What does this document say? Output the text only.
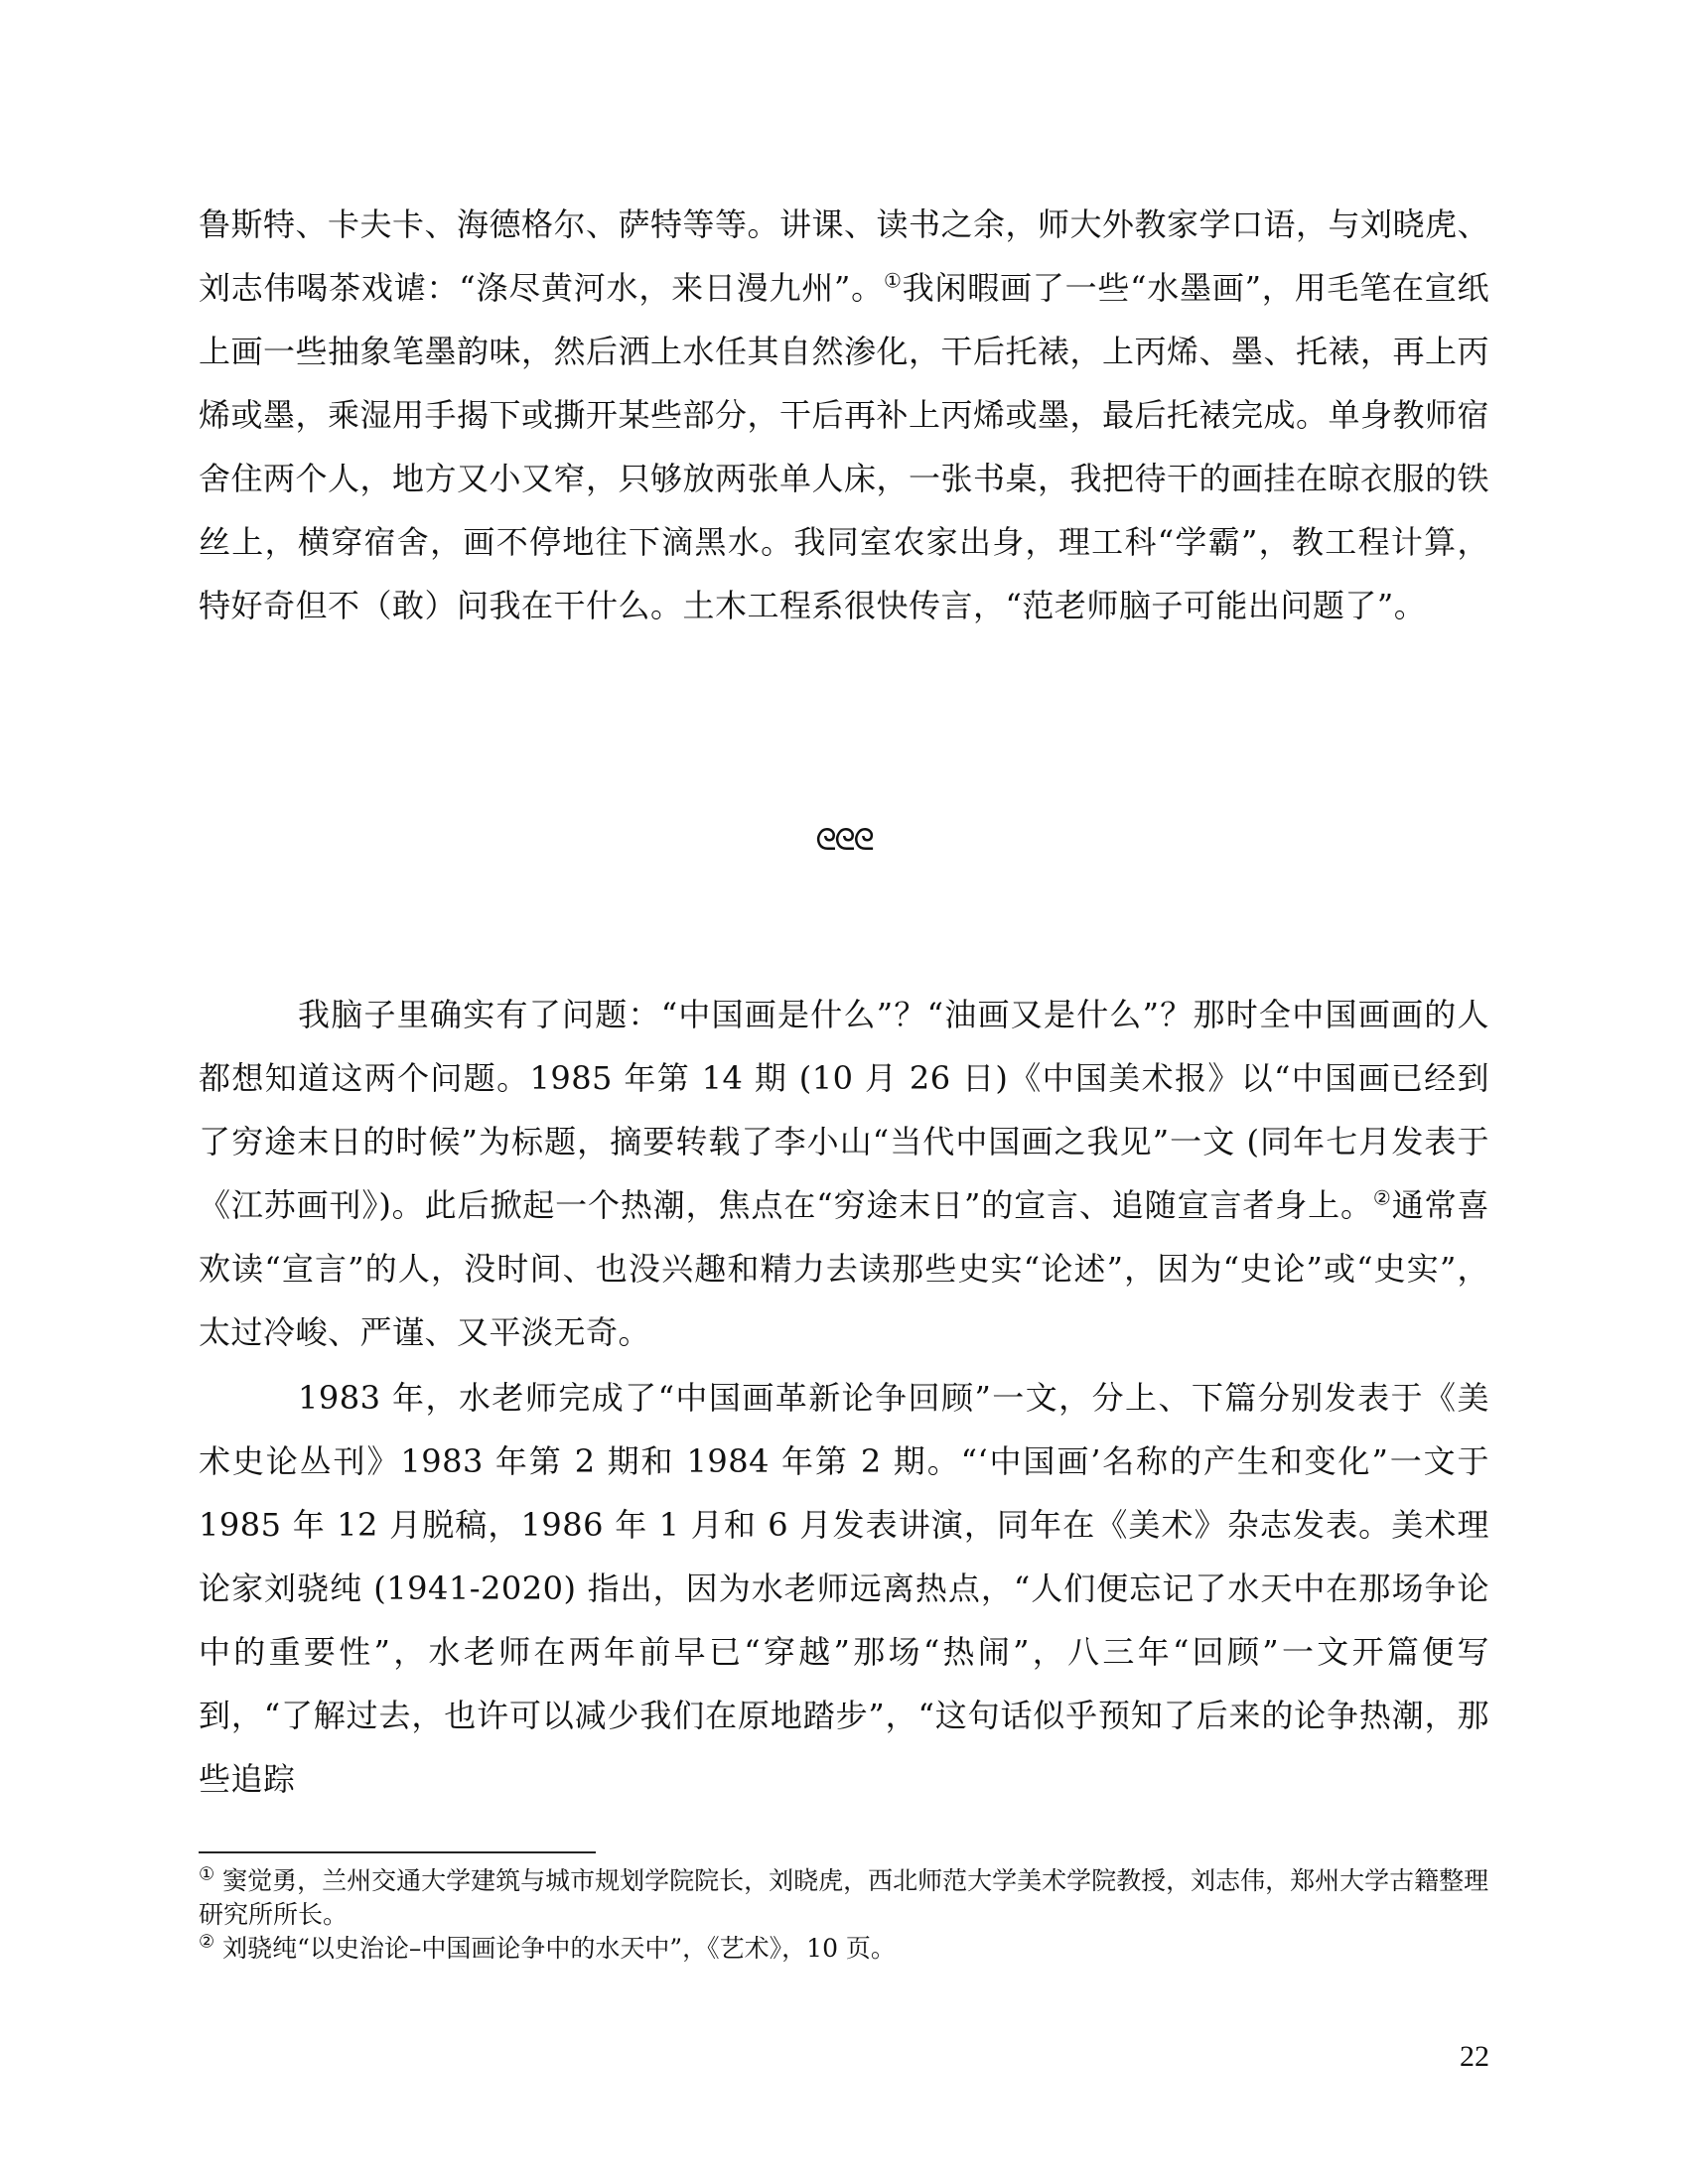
鲁斯特、卡夫卡、海德格尔、萨特等等。讲课、读书之余，师大外教家学口语，与刘晓虎、刘志伟喝茶戏谑：“涤尽黄河水，来日漫九州”。①我闲暇画了一些“水墨画”，用毛笔在宣纸上画一些抽象笔墨韵味，然后洒上水任其自然渗化，干后托裱，上丙烯、墨、托裱，再上丙烯或墨，乘湿用手揭下或撕开某些部分，干后再补上丙烯或墨，最后托裱完成。单身教师宿舍住两个人，地方又小又窄，只够放两张单人床，一张书桌，我把待干的画挂在晾衣服的铁丝上，横穿宿舍，画不停地往下滴黑水。我同室农家出身，理工科“学霸”，教工程计算，特好奇但不（敢）问我在干什么。土木工程系很快传言，“范老师脑子可能出问题了”。

ᘓᘓᘓ

我脑子里确实有了问题：“中国画是什么”？“油画又是什么”？那时全中国画画的人都想知道这两个问题。1985 年第 14 期 (10 月 26 日)《中国美术报》以“中国画已经到了穷途末日的时候”为标题，摘要转载了李小山“当代中国画之我见”一文 (同年七月发表于《江苏画刊》)。此后掀起一个热潮，焦点在“穷途末日”的宣言、追随宣言者身上。②通常喜欢读“宣言”的人，没时间、也没兴趣和精力去读那些史实“论述”，因为“史论”或“史实”，太过冷峻、严谨、又平淡无奇。

1983 年，水老师完成了“中国画革新论争回顾”一文，分上、下篇分别发表于《美术史论丛刊》1983 年第 2 期和 1984 年第 2 期。“‘中国画’名称的产生和变化”一文于 1985 年 12 月脱稿，1986 年 1 月和 6 月发表讲演，同年在《美术》杂志发表。美术理论家刘骁纯 (1941-2020) 指出，因为水老师远离热点，“人们便忘记了水天中在那场争论中的重要性”，水老师在两年前早已“穿越”那场“热闹”，八三年“回顾”一文开篇便写到，“了解过去，也许可以减少我们在原地踏步”，“这句话似乎预知了后来的论争热潮，那些追踪

① 窦觉勇，兰州交通大学建筑与城市规划学院院长，刘晓虎，西北师范大学美术学院教授，刘志伟，郑州大学古籍整理研究所所长。

② 刘骁纯“以史治论–中国画论争中的水天中”，《艺术》，10 页。

22
